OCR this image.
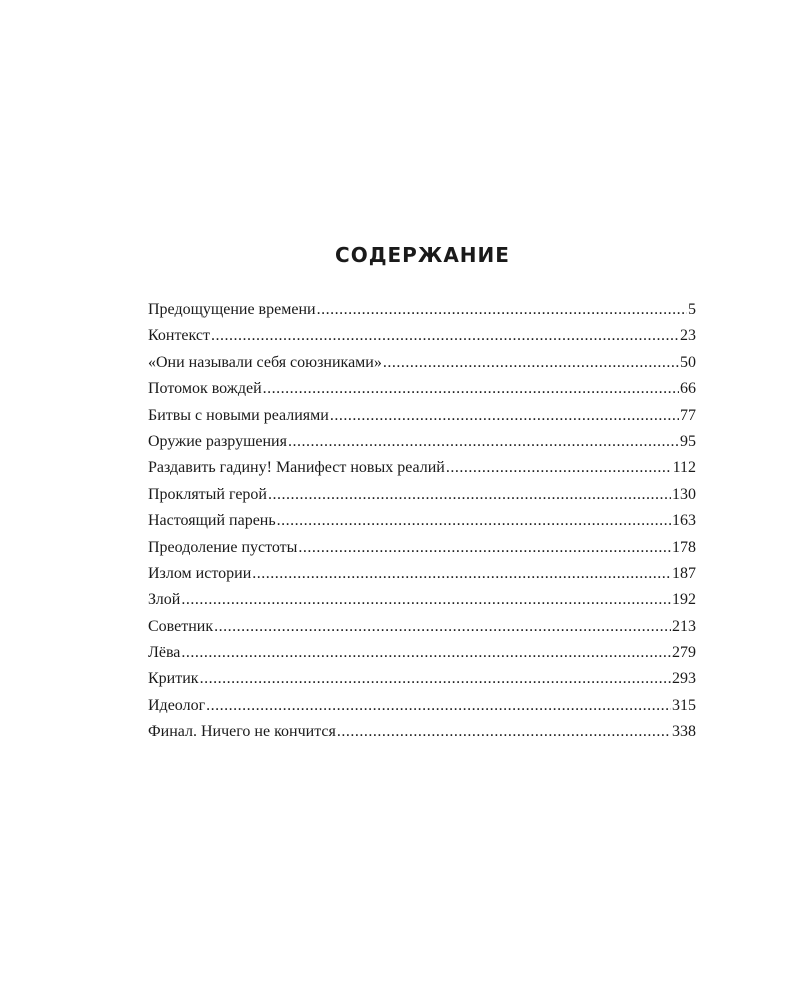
СОДЕРЖАНИЕ
Предощущение времени .....	5
Контекст .....	23
«Они называли себя союзниками» .....	50
Потомок вождей .....	66
Битвы с новыми реалиями .....	77
Оружие разрушения .....	95
Раздавить гадину! Манифест новых реалий .....	112
Проклятый герой .....	130
Настоящий парень .....	163
Преодоление пустоты .....	178
Излом истории .....	187
Злой .....	192
Советник .....	213
Лёва .....	279
Критик .....	293
Идеолог .....	315
Финал. Ничего не кончится .....	338
